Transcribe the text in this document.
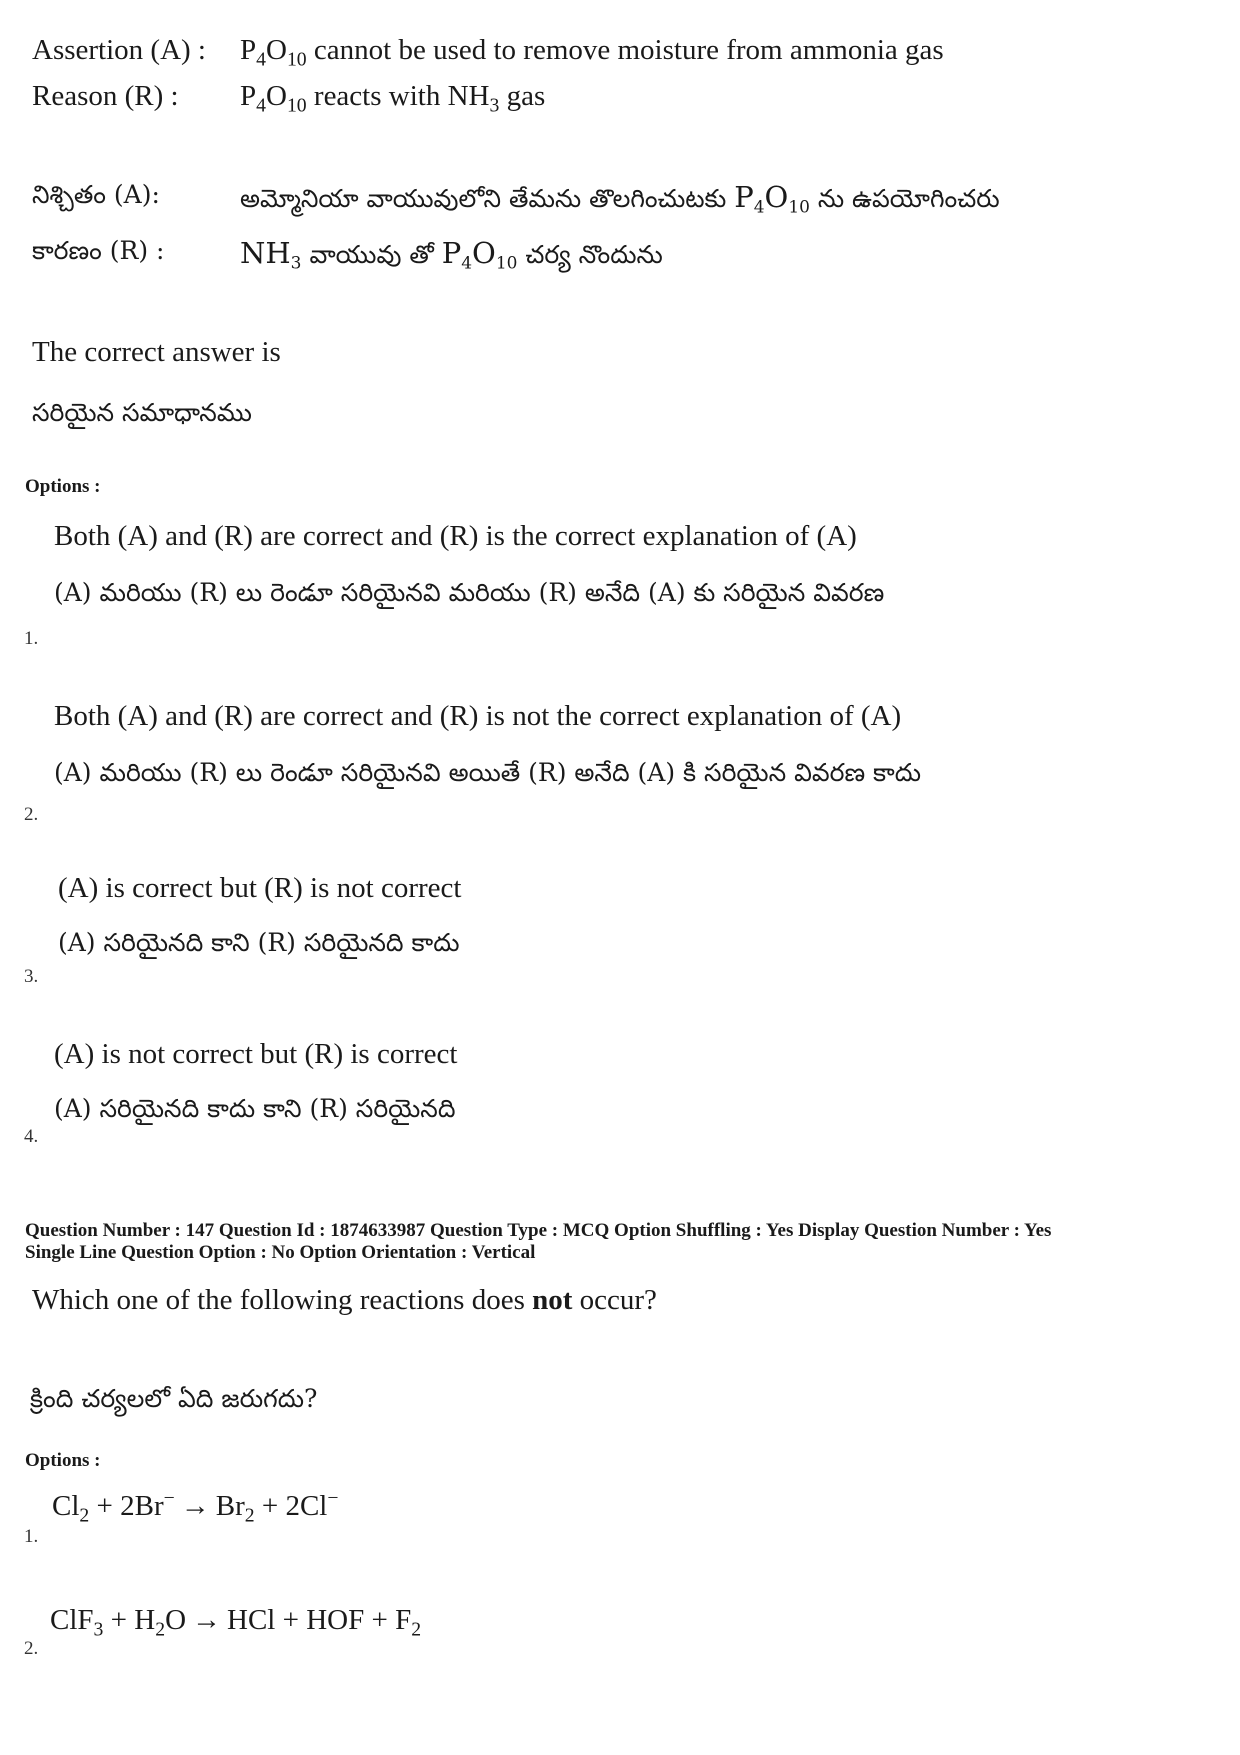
Assertion (A) : $P_4O_{10}$ cannot be used to remove moisture from ammonia gas
Reason (R) : $P_4O_{10}$ reacts with $NH_3$ gas
నిశ్చితం (A):	అమ్మోనియా వాయువులోని తేమను తొలగించుటకు $P_4O_{10}$ ను ఉపయోగించరు
కారణం (R) :	$NH_3$ వాయువు తో $P_4O_{10}$ చర్య నొందును
The correct answer is
సరియైన సమాధానము
Options :
Both (A) and (R) are correct and (R) is the correct explanation of (A)
(A) మరియు (R) లు రెండూ సరియైనవి మరియు (R) అనేది (A) కు సరియైన వివరణ
1.
Both (A) and (R) are correct and (R) is not the correct explanation of (A)
(A) మరియు (R) లు రెండూ సరియైనవి అయితే (R) అనేది (A) కి సరియైన వివరణ కాదు
2.
(A) is correct but (R) is not correct
(A) సరియైనది కాని (R) సరియైనది కాదు
3.
(A) is not correct but (R) is correct
(A) సరియైనది కాదు కాని (R) సరియైనది
4.
Question Number : 147 Question Id : 1874633987 Question Type : MCQ Option Shuffling : Yes Display Question Number : Yes
Single Line Question Option : No Option Orientation : Vertical
Which one of the following reactions does not occur?
క్రింది చర్యలలో ఏది జరుగదు?
Options :
$Cl_2 + 2Br^- \to Br_2 + 2Cl^-$
1.
$ClF_3 + H_2O$ → HCl + HOF + $F_2$
2.
